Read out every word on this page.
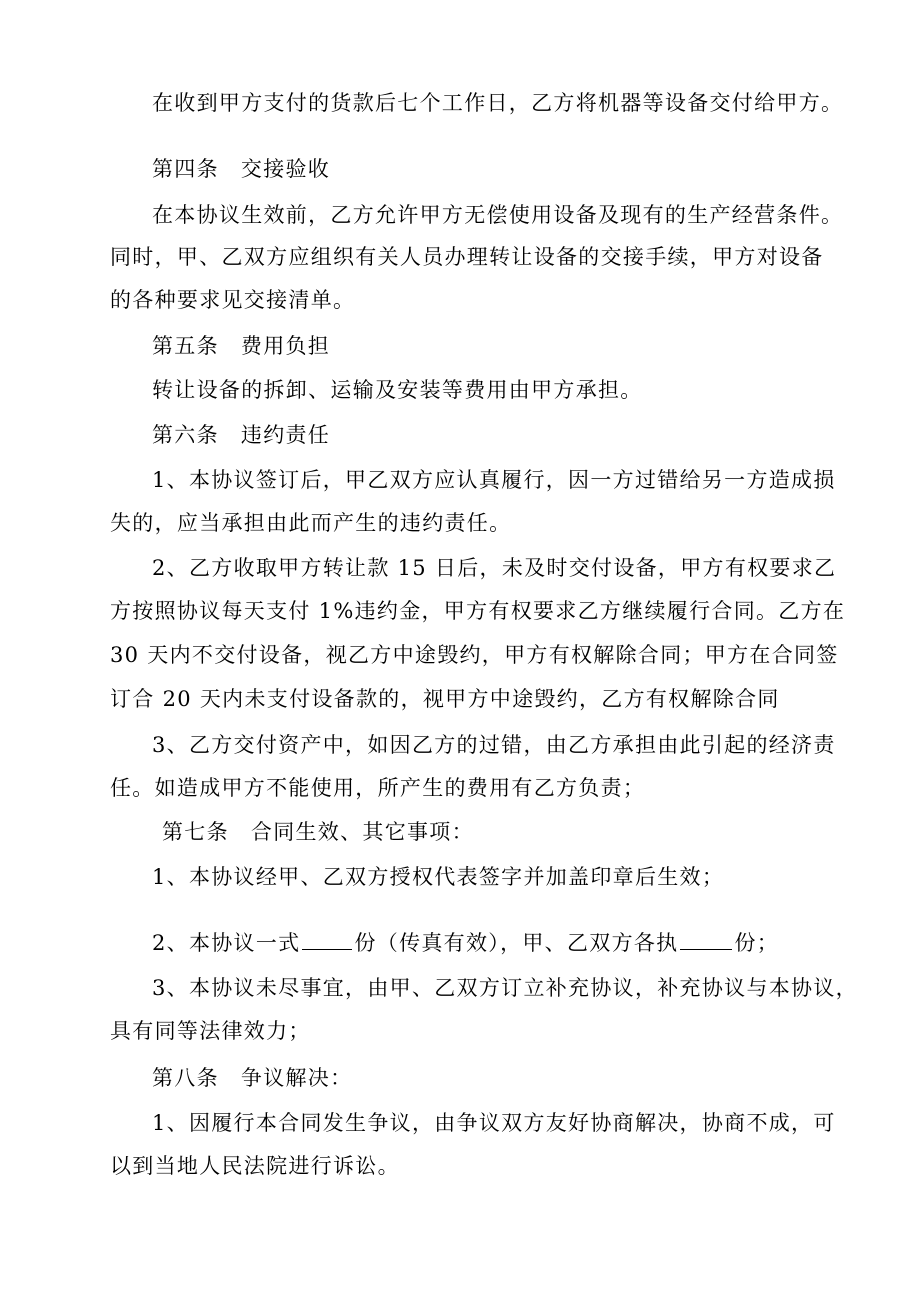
在收到甲方支付的货款后七个工作日，乙方将机器等设备交付给甲方。
第四条 交接验收
在本协议生效前，乙方允许甲方无偿使用设备及现有的生产经营条件。
同时，甲、乙双方应组织有关人员办理转让设备的交接手续，甲方对设备
的各种要求见交接清单。
第五条 费用负担
转让设备的拆卸、运输及安装等费用由甲方承担。
第六条 违约责任
1、本协议签订后，甲乙双方应认真履行，因一方过错给另一方造成损
失的，应当承担由此而产生的违约责任。
2、乙方收取甲方转让款 15 日后，未及时交付设备，甲方有权要求乙
方按照协议每天支付 1%违约金，甲方有权要求乙方继续履行合同。乙方在
30 天内不交付设备，视乙方中途毁约，甲方有权解除合同；甲方在合同签
订合 20 天内未支付设备款的，视甲方中途毁约，乙方有权解除合同
3、乙方交付资产中，如因乙方的过错，由乙方承担由此引起的经济责
任。如造成甲方不能使用，所产生的费用有乙方负责；
第七条 合同生效、其它事项：
1、本协议经甲、乙双方授权代表签字并加盖印章后生效；
2、本协议一式	份（传真有效），甲、乙双方各执	份；
3、本协议未尽事宜，由甲、乙双方订立补充协议，补充协议与本协议，
具有同等法律效力；
第八条 争议解决：
1、因履行本合同发生争议，由争议双方友好协商解决，协商不成，可
以到当地人民法院进行诉讼。
